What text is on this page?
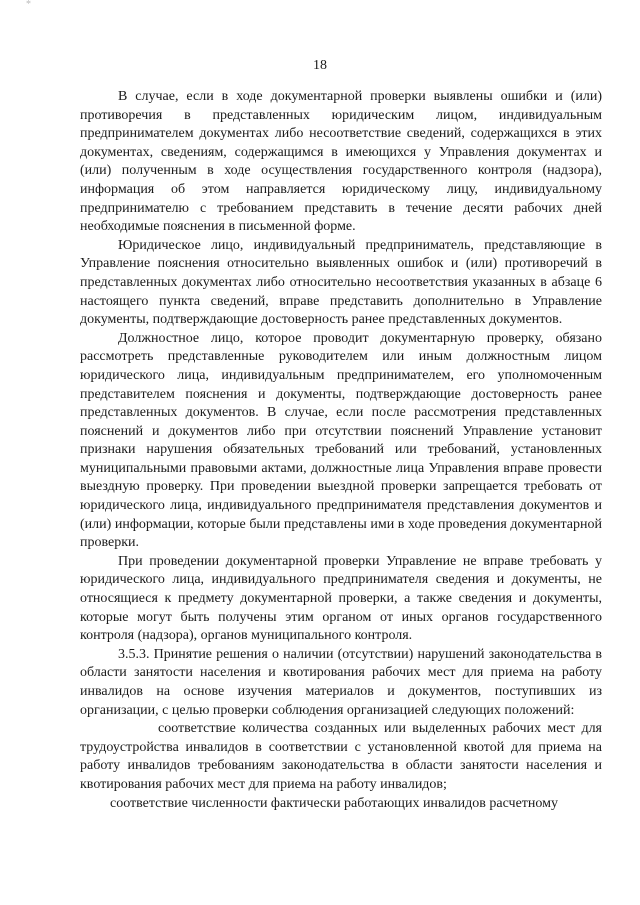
*
18

В случае, если в ходе документарной проверки выявлены ошибки и (или) противоречия в представленных юридическим лицом, индивидуальным предпринимателем документах либо несоответствие сведений, содержащихся в этих документах, сведениям, содержащимся в имеющихся у Управления документах и (или) полученным в ходе осуществления государственного контроля (надзора), информация об этом направляется юридическому лицу, индивидуальному предпринимателю с требованием представить в течение десяти рабочих дней необходимые пояснения в письменной форме.

Юридическое лицо, индивидуальный предприниматель, представляющие в Управление пояснения относительно выявленных ошибок и (или) противоречий в представленных документах либо относительно несоответствия указанных в абзаце 6 настоящего пункта сведений, вправе представить дополнительно в Управление документы, подтверждающие достоверность ранее представленных документов.

Должностное лицо, которое проводит документарную проверку, обязано рассмотреть представленные руководителем или иным должностным лицом юридического лица, индивидуальным предпринимателем, его уполномоченным представителем пояснения и документы, подтверждающие достоверность ранее представленных документов. В случае, если после рассмотрения представленных пояснений и документов либо при отсутствии пояснений Управление установит признаки нарушения обязательных требований или требований, установленных муниципальными правовыми актами, должностные лица Управления вправе провести выездную проверку. При проведении выездной проверки запрещается требовать от юридического лица, индивидуального предпринимателя представления документов и (или) информации, которые были представлены ими в ходе проведения документарной проверки.

При проведении документарной проверки Управление не вправе требовать у юридического лица, индивидуального предпринимателя сведения и документы, не относящиеся к предмету документарной проверки, а также сведения и документы, которые могут быть получены этим органом от иных органов государственного контроля (надзора), органов муниципального контроля.

3.5.3. Принятие решения о наличии (отсутствии) нарушений законодательства в области занятости населения и квотирования рабочих мест для приема на работу инвалидов на основе изучения материалов и документов, поступивших из организации, с целью проверки соблюдения организацией следующих положений:

соответствие количества созданных или выделенных рабочих мест для трудоустройства инвалидов в соответствии с установленной квотой для приема на работу инвалидов требованиям законодательства в области занятости населения и квотирования рабочих мест для приема на работу инвалидов;

соответствие численности фактически работающих инвалидов расчетному
